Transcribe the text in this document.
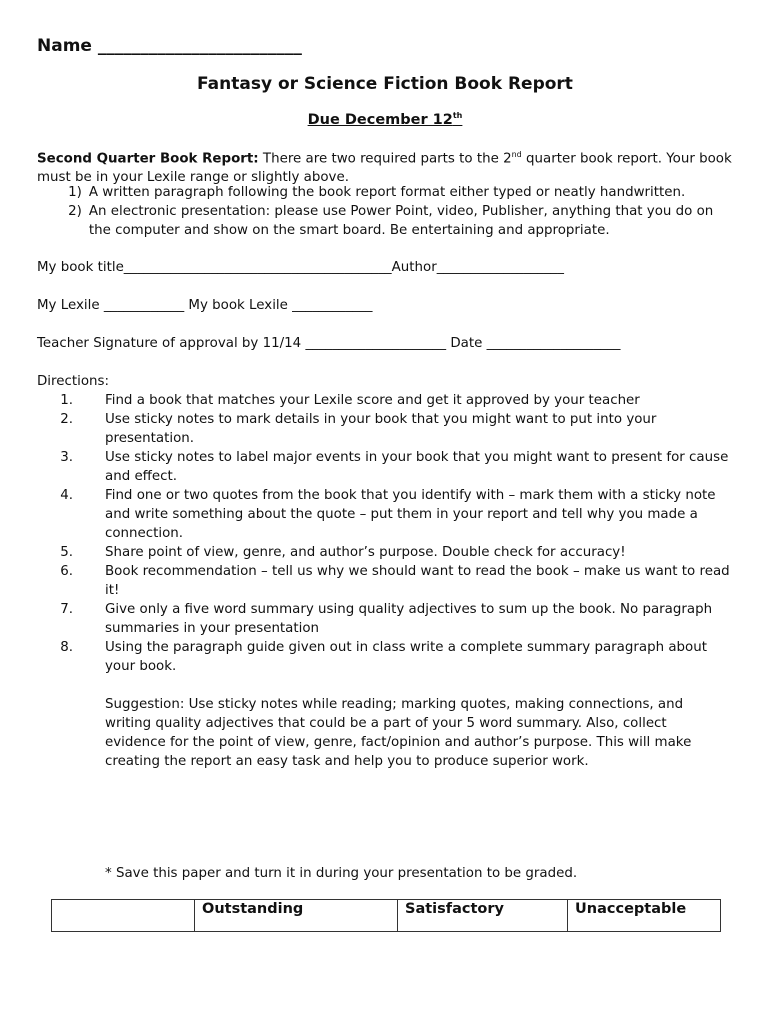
Name ________________________
Fantasy or Science Fiction Book Report
Due December 12th
Second Quarter Book Report: There are two required parts to the 2nd quarter book report. Your book must be in your Lexile range or slightly above.
1) A written paragraph following the book report format either typed or neatly handwritten.
2) An electronic presentation: please use Power Point, video, Publisher, anything that you do on the computer and show on the smart board. Be entertaining and appropriate.
My book title________________________________________Author___________________
My Lexile ____________ My book Lexile ____________
Teacher Signature of approval by 11/14 _____________________ Date ____________________
Directions:
1.	Find a book that matches your Lexile score and get it approved by your teacher
2.	Use sticky notes to mark details in your book that you might want to put into your presentation.
3.	Use sticky notes to label major events in your book that you might want to present for cause and effect.
4.	Find one or two quotes from the book that you identify with – mark them with a sticky note and write something about the quote – put them in your report and tell why you made a connection.
5.	Share point of view, genre, and author’s purpose. Double check for accuracy!
6.	Book recommendation – tell us why we should want to read the book – make us want to read it!
7.	Give only a five word summary using quality adjectives to sum up the book. No paragraph summaries in your presentation
8.	Using the paragraph guide given out in class write a complete summary paragraph about your book.
Suggestion: Use sticky notes while reading; marking quotes, making connections, and writing quality adjectives that could be a part of your 5 word summary. Also, collect evidence for the point of view, genre, fact/opinion and author’s purpose. This will make creating the report an easy task and help you to produce superior work.
* Save this paper and turn it in during your presentation to be graded.
	Outstanding	Satisfactory	Unacceptable
